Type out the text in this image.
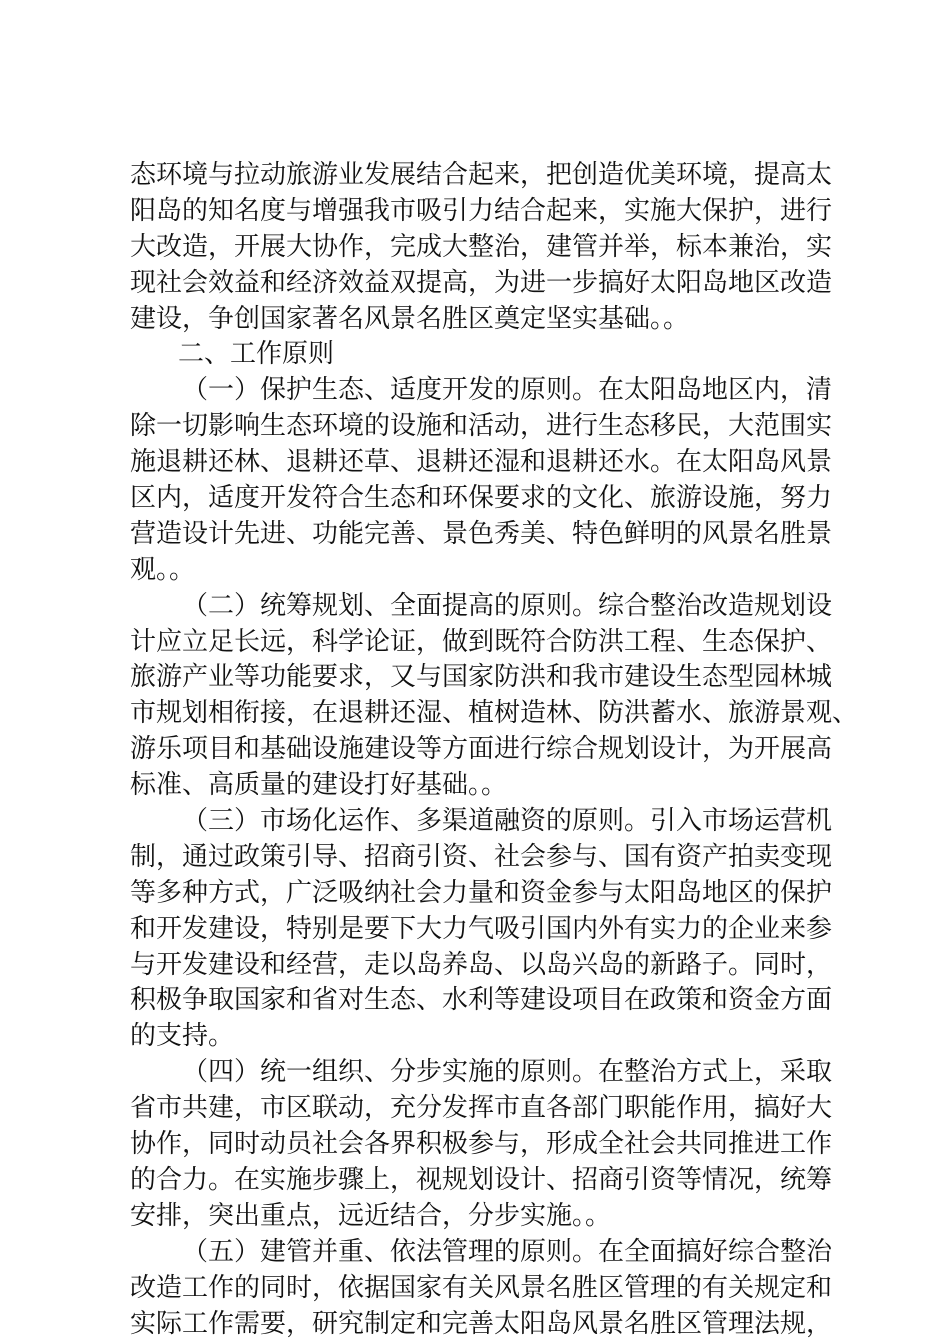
态环境与拉动旅游业发展结合起来，把创造优美环境，提高太
阳岛的知名度与增强我市吸引力结合起来，实施大保护，进行
大改造，开展大协作，完成大整治，建管并举，标本兼治，实
现社会效益和经济效益双提高，为进一步搞好太阳岛地区改造
建设，争创国家著名风景名胜区奠定坚实基础。。
二、工作原则
（一）保护生态、适度开发的原则。在太阳岛地区内，清
除一切影响生态环境的设施和活动，进行生态移民，大范围实
施退耕还林、退耕还草、退耕还湿和退耕还水。在太阳岛风景
区内，适度开发符合生态和环保要求的文化、旅游设施，努力
营造设计先进、功能完善、景色秀美、特色鲜明的风景名胜景
观。。
（二）统筹规划、全面提高的原则。综合整治改造规划设
计应立足长远，科学论证，做到既符合防洪工程、生态保护、
旅游产业等功能要求，又与国家防洪和我市建设生态型园林城
市规划相衔接，在退耕还湿、植树造林、防洪蓄水、旅游景观、
游乐项目和基础设施建设等方面进行综合规划设计，为开展高
标准、高质量的建设打好基础。。
（三）市场化运作、多渠道融资的原则。引入市场运营机
制，通过政策引导、招商引资、社会参与、国有资产拍卖变现
等多种方式，广泛吸纳社会力量和资金参与太阳岛地区的保护
和开发建设，特别是要下大力气吸引国内外有实力的企业来参
与开发建设和经营，走以岛养岛、以岛兴岛的新路子。同时，
积极争取国家和省对生态、水利等建设项目在政策和资金方面
的支持。
（四）统一组织、分步实施的原则。在整治方式上，采取
省市共建，市区联动，充分发挥市直各部门职能作用，搞好大
协作，同时动员社会各界积极参与，形成全社会共同推进工作
的合力。在实施步骤上，视规划设计、招商引资等情况，统筹
安排，突出重点，远近结合，分步实施。。
（五）建管并重、依法管理的原则。在全面搞好综合整治
改造工作的同时，依据国家有关风景名胜区管理的有关规定和
实际工作需要，研究制定和完善太阳岛风景名胜区管理法规，
